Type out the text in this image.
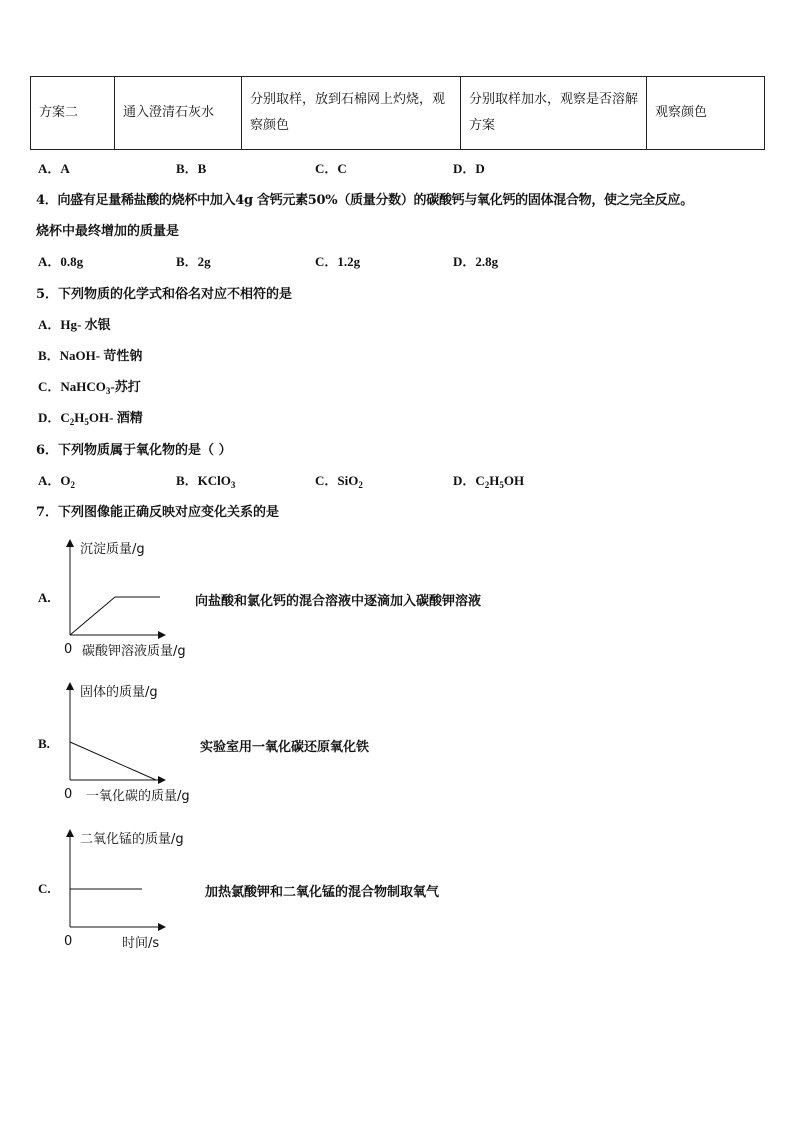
方案二	通入澄清石灰水	分别取样，放到石棉网上灼烧，观察颜色	分别取样加水，观察是否溶解方案	观察颜色
A．A	B．B	C．C	D．D
4．向盛有足量稀盐酸的烧杯中加入4g 含钙元素50%（质量分数）的碳酸钙与氧化钙的固体混合物，使之完全反应。
烧杯中最终增加的质量是
A．0.8g	B．2g	C．1.2g	D．2.8g
5．下列物质的化学式和俗名对应不相符的是
A．Hg- 水银
B．NaOH- 苛性钠
C．NaHCO$_3$-苏打
D．$C_2H_5OH-$ 酒精
6．下列物质属于氧化物的是（ ）
A．$O_2$	B．KClO$_3$	C．SiO$_2$	D．$C_2H_5OH$
7．下列图像能正确反映对应变化关系的是
A.
沉淀质量/g
0 碳酸钾溶液质量/g
向盐酸和氯化钙的混合溶液中逐滴加入碳酸钾溶液
B.
固体的质量/g
0 一氧化碳的质量/g
实验室用一氧化碳还原氧化铁
C.
二氧化锰的质量/g
0	时间/s
加热氯酸钾和二氧化锰的混合物制取氧气
